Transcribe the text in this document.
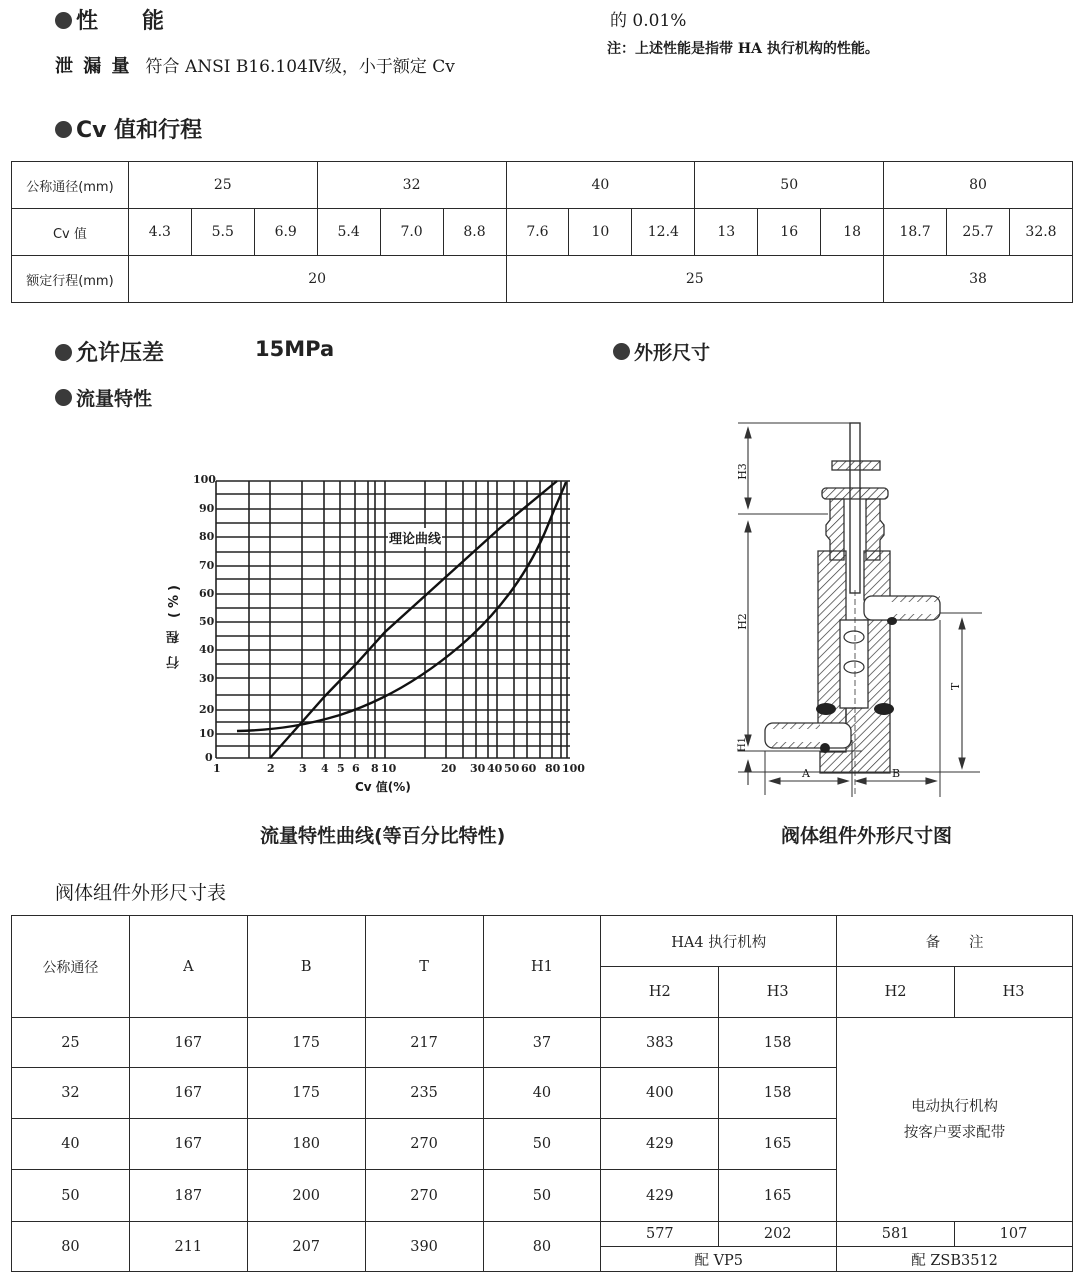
性　　能
泄 漏 量 符合 ANSI B16.104Ⅳ级，小于额定 Cv
的 0.01%
注：上述性能是指带 HA 执行机构的性能。
Cv 值和行程
公称通径(mm)	25			32			40			50			80		
Cv 值	4.3	5.5	6.9	5.4	7.0	8.8	7.6	10	12.4	13	16	18	18.7	25.7	32.8
额定行程(mm)	20						25						38		
允许压差	15MPa
流量特性
外形尺寸
100
90
80
70
60
50
40
30
20
10
0
行 程 (%)
1	2 3 4 5 6 8 10	20 30 40 50 60 80 100
Cv 值(%)
理论曲线
流量特性曲线(等百分比特性)
H3
H2
H1
T
A	B
阀体组件外形尺寸图
阀体组件外形尺寸表
公称通径	A	B	T	H1	HA4 执行机构		备　　注	
					H2	H3	H2	H3
25	167	175	217	37	383	158	电动执行机构
按客户要求配带	

32	167	175	235	40	400	158		
40	167	180	270	50	429	165		
50	187	200	270	50	429	165		
80	211	207	390	80	577	202	581	107
					配 VP5		配 ZSB3512	
